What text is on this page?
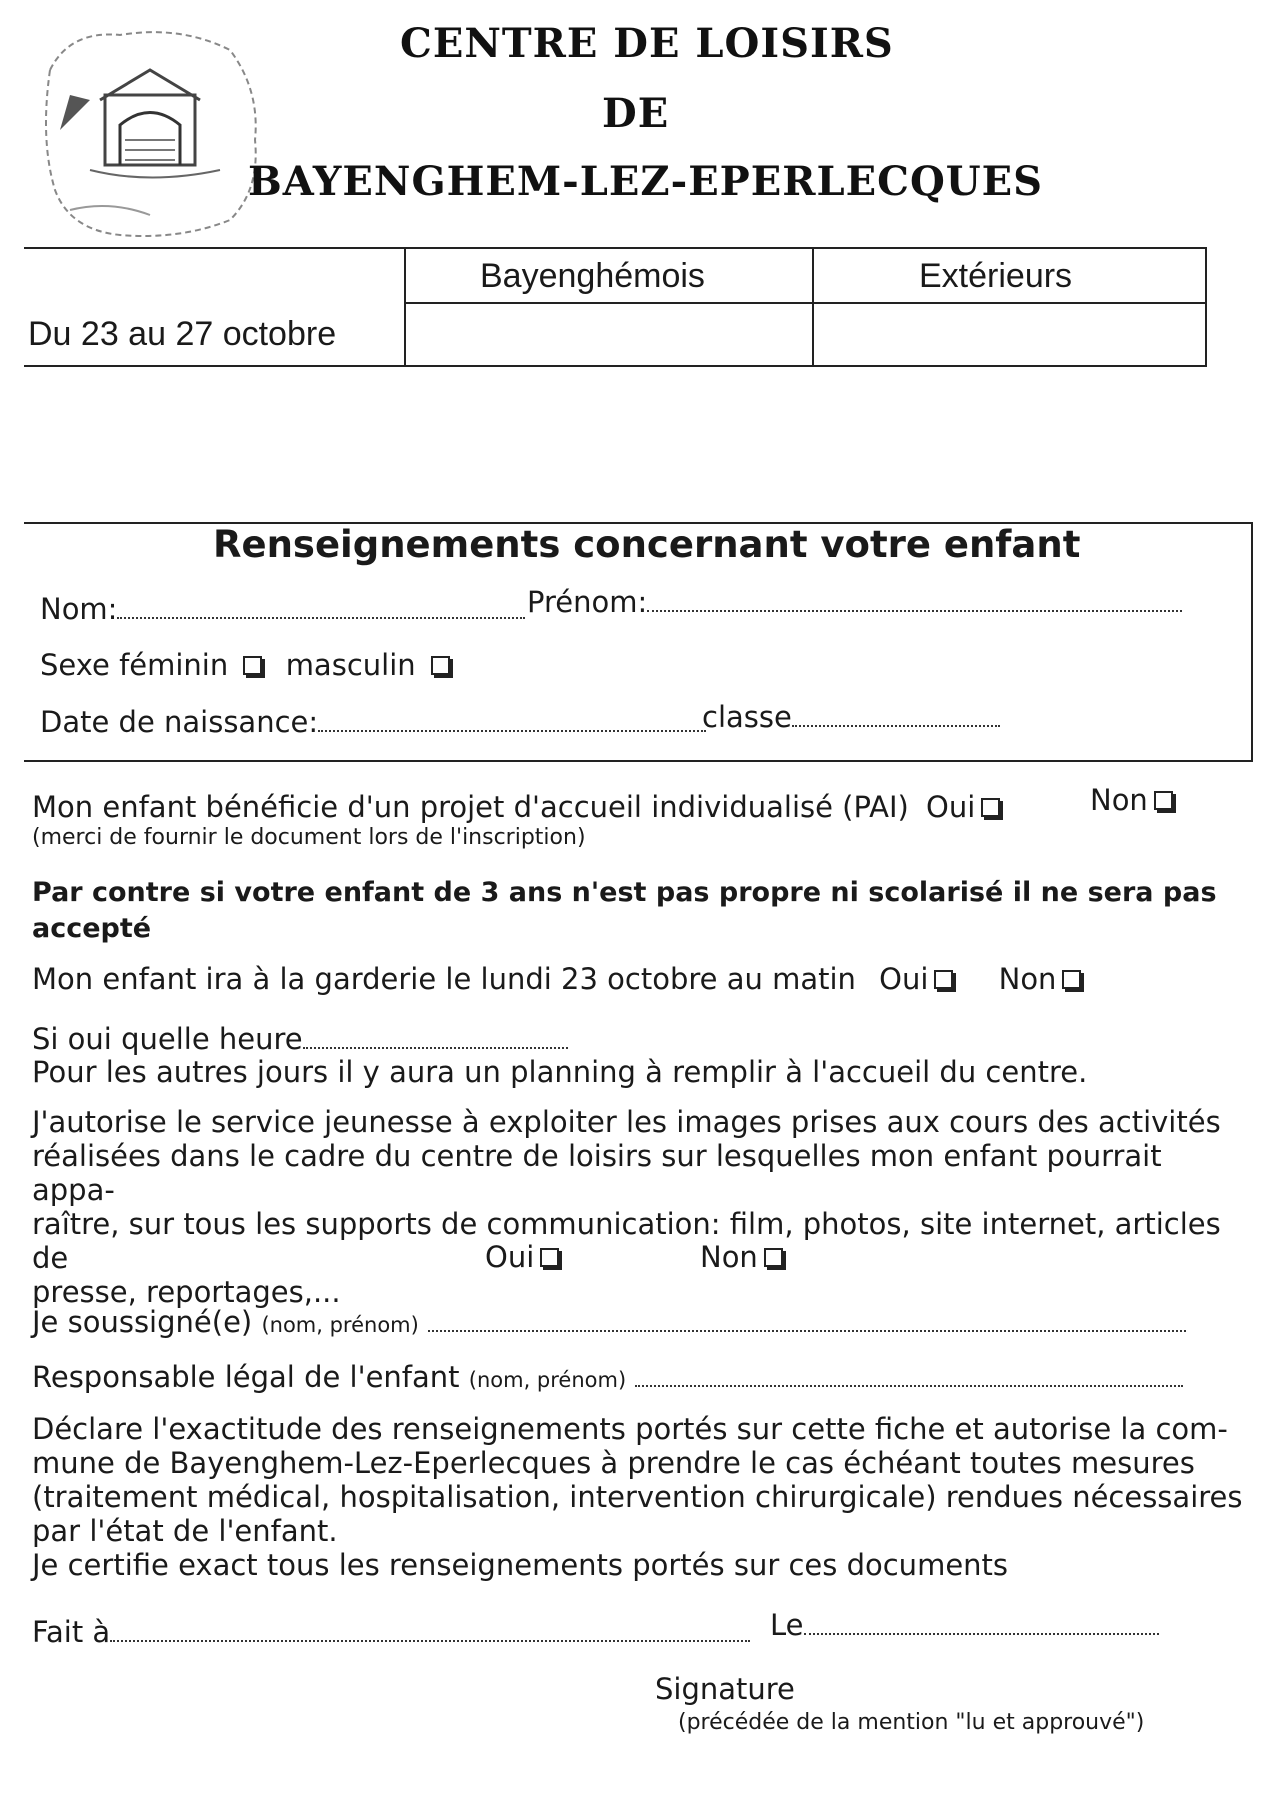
CENTRE DE LOISIRS
DE
BAYENGHEM-LEZ-EPERLECQUES
Bayenghémois	Extérieurs
Du 23 au 27 octobre
Renseignements concernant votre enfant
Nom:	Prénom:
Sexe féminin masculin
Date de naissance:	classe
Mon enfant bénéficie d'un projet d'accueil individualisé (PAI) Oui	Non
(merci de fournir le document lors de l'inscription)
Par contre si votre enfant de 3 ans n'est pas propre ni scolarisé il ne sera pas
accepté
Mon enfant ira à la garderie le lundi 23 octobre au matin Oui Non
Si oui quelle heure
Pour les autres jours il y aura un planning à remplir à l'accueil du centre.
J'autorise le service jeunesse à exploiter les images prises aux cours des activités
réalisées dans le cadre du centre de loisirs sur lesquelles mon enfant pourrait appa-
raître, sur tous les supports de communication: film, photos, site internet, articles de
presse, reportages,...
Oui	Non
Je soussigné(e) (nom, prénom)
Responsable légal de l'enfant (nom, prénom)
Déclare l'exactitude des renseignements portés sur cette fiche et autorise la com-
mune de Bayenghem-Lez-Eperlecques à prendre le cas échéant toutes mesures
(traitement médical, hospitalisation, intervention chirurgicale) rendues nécessaires
par l'état de l'enfant.
Je certifie exact tous les renseignements portés sur ces documents
Fait à	Le
Signature
(précédée de la mention "lu et approuvé")
